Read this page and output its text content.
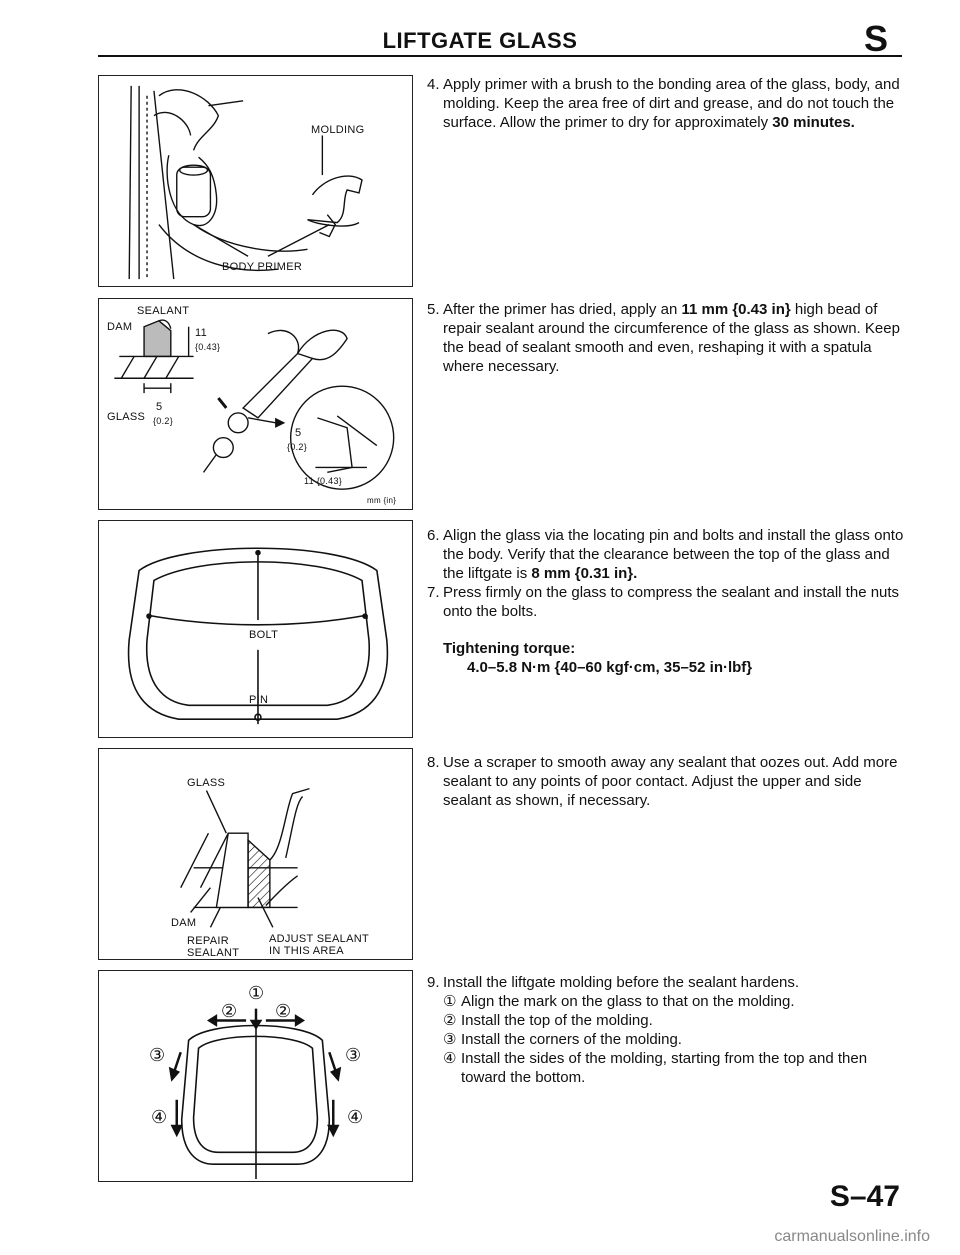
LIFTGATE GLASS	S
MOLDING
BODY PRIMER
SEALANT
DAM
GLASS
11
{0.43}
5
{0.2}
5
{0.2}
11 {0.43}
mm {in}
BOLT
PIN
GLASS
DAM
REPAIR
SEALANT
ADJUST SEALANT
IN THIS AREA
①
② ②
③	③
④	④
4. Apply primer with a brush to the bonding area of the glass, body, and molding. Keep the area free of dirt and grease, and do not touch the surface. Allow the primer to dry for approximately 30 minutes.
5. After the primer has dried, apply an 11 mm {0.43 in} high bead of repair sealant around the circumference of the glass as shown. Keep the bead of sealant smooth and even, reshaping it with a spatula where necessary.
6. Align the glass via the locating pin and bolts and install the glass onto the body. Verify that the clearance between the top of the glass and the liftgate is 8 mm {0.31 in}.
7. Press firmly on the glass to compress the sealant and install the nuts onto the bolts.
Tightening torque:
4.0–5.8 N·m {40–60 kgf·cm, 35–52 in·lbf}
8. Use a scraper to smooth away any sealant that oozes out. Add more sealant to any points of poor contact. Adjust the upper and side sealant as shown, if necessary.
9. Install the liftgate molding before the sealant hardens.
① Align the mark on the glass to that on the molding.
② Install the top of the molding.
③ Install the corners of the molding.
④ Install the sides of the molding, starting from the top and then toward the bottom.
S–47
carmanualsonline.info
